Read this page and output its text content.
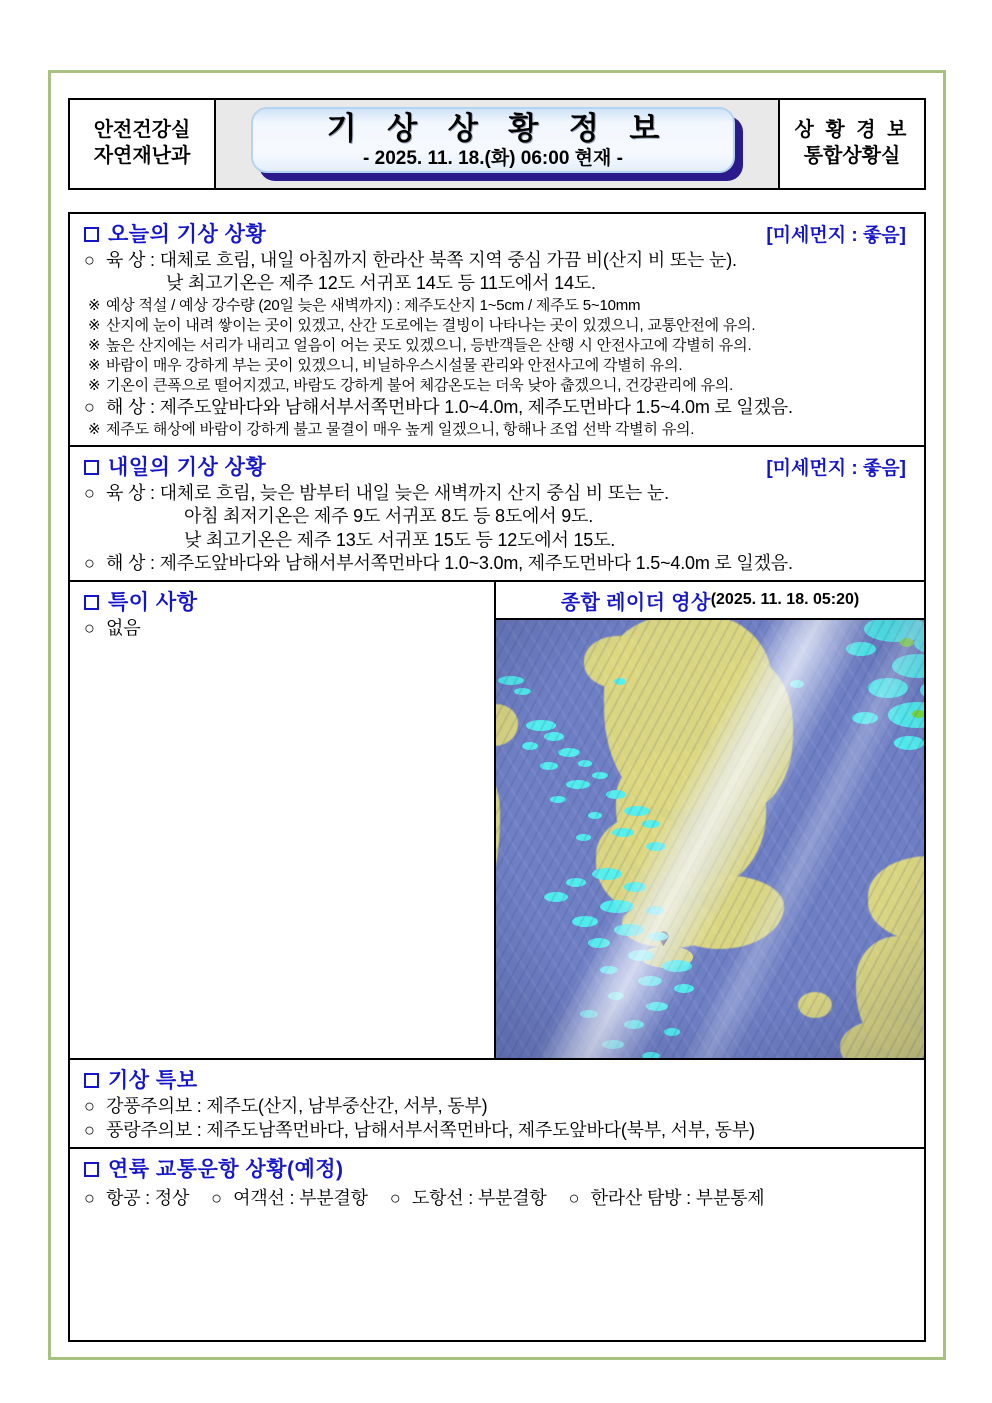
안전건강실
자연재난과
기 상 상 황 정 보
- 2025. 11. 18.(화) 06:00 현재 -
상 황 경 보
통합상황실
오늘의 기상 상황	[미세먼지 : 좋음]
○ 육 상 : 대체로 흐림, 내일 아침까지 한라산 북쪽 지역 중심 가끔 비(산지 비 또는 눈).
낮 최고기온은 제주 12도 서귀포 14도 등 11도에서 14도.
※ 예상 적설 / 예상 강수량 (20일 늦은 새벽까지) : 제주도산지 1~5cm / 제주도 5~10mm
※ 산지에 눈이 내려 쌓이는 곳이 있겠고, 산간 도로에는 결빙이 나타나는 곳이 있겠으니, 교통안전에 유의.
※ 높은 산지에는 서리가 내리고 얼음이 어는 곳도 있겠으니, 등반객들은 산행 시 안전사고에 각별히 유의.
※ 바람이 매우 강하게 부는 곳이 있겠으니, 비닐하우스시설물 관리와 안전사고에 각별히 유의.
※ 기온이 큰폭으로 떨어지겠고, 바람도 강하게 불어 체감온도는 더욱 낮아 춥겠으니, 건강관리에 유의.
○ 해 상 : 제주도앞바다와 남해서부서쪽먼바다 1.0~4.0m, 제주도먼바다 1.5~4.0m 로 일겠음.
※ 제주도 해상에 바람이 강하게 불고 물결이 매우 높게 일겠으니, 항해나 조업 선박 각별히 유의.
내일의 기상 상황	[미세먼지 : 좋음]
○ 육 상 : 대체로 흐림, 늦은 밤부터 내일 늦은 새벽까지 산지 중심 비 또는 눈.
아침 최저기온은 제주 9도 서귀포 8도 등 8도에서 9도.
낮 최고기온은 제주 13도 서귀포 15도 등 12도에서 15도.
○ 해 상 : 제주도앞바다와 남해서부서쪽먼바다 1.0~3.0m, 제주도먼바다 1.5~4.0m 로 일겠음.
특이 사항
○ 없음
종합 레이더 영상 (2025. 11. 18. 05:20)
기상 특보
○ 강풍주의보 : 제주도(산지, 남부중산간, 서부, 동부)
○ 풍랑주의보 : 제주도남쪽먼바다, 남해서부서쪽먼바다, 제주도앞바다(북부, 서부, 동부)
연륙 교통운항 상황(예정)
○ 항공 : 정상 ○ 여객선 : 부분결항 ○ 도항선 : 부분결항 ○ 한라산 탐방 : 부분통제
